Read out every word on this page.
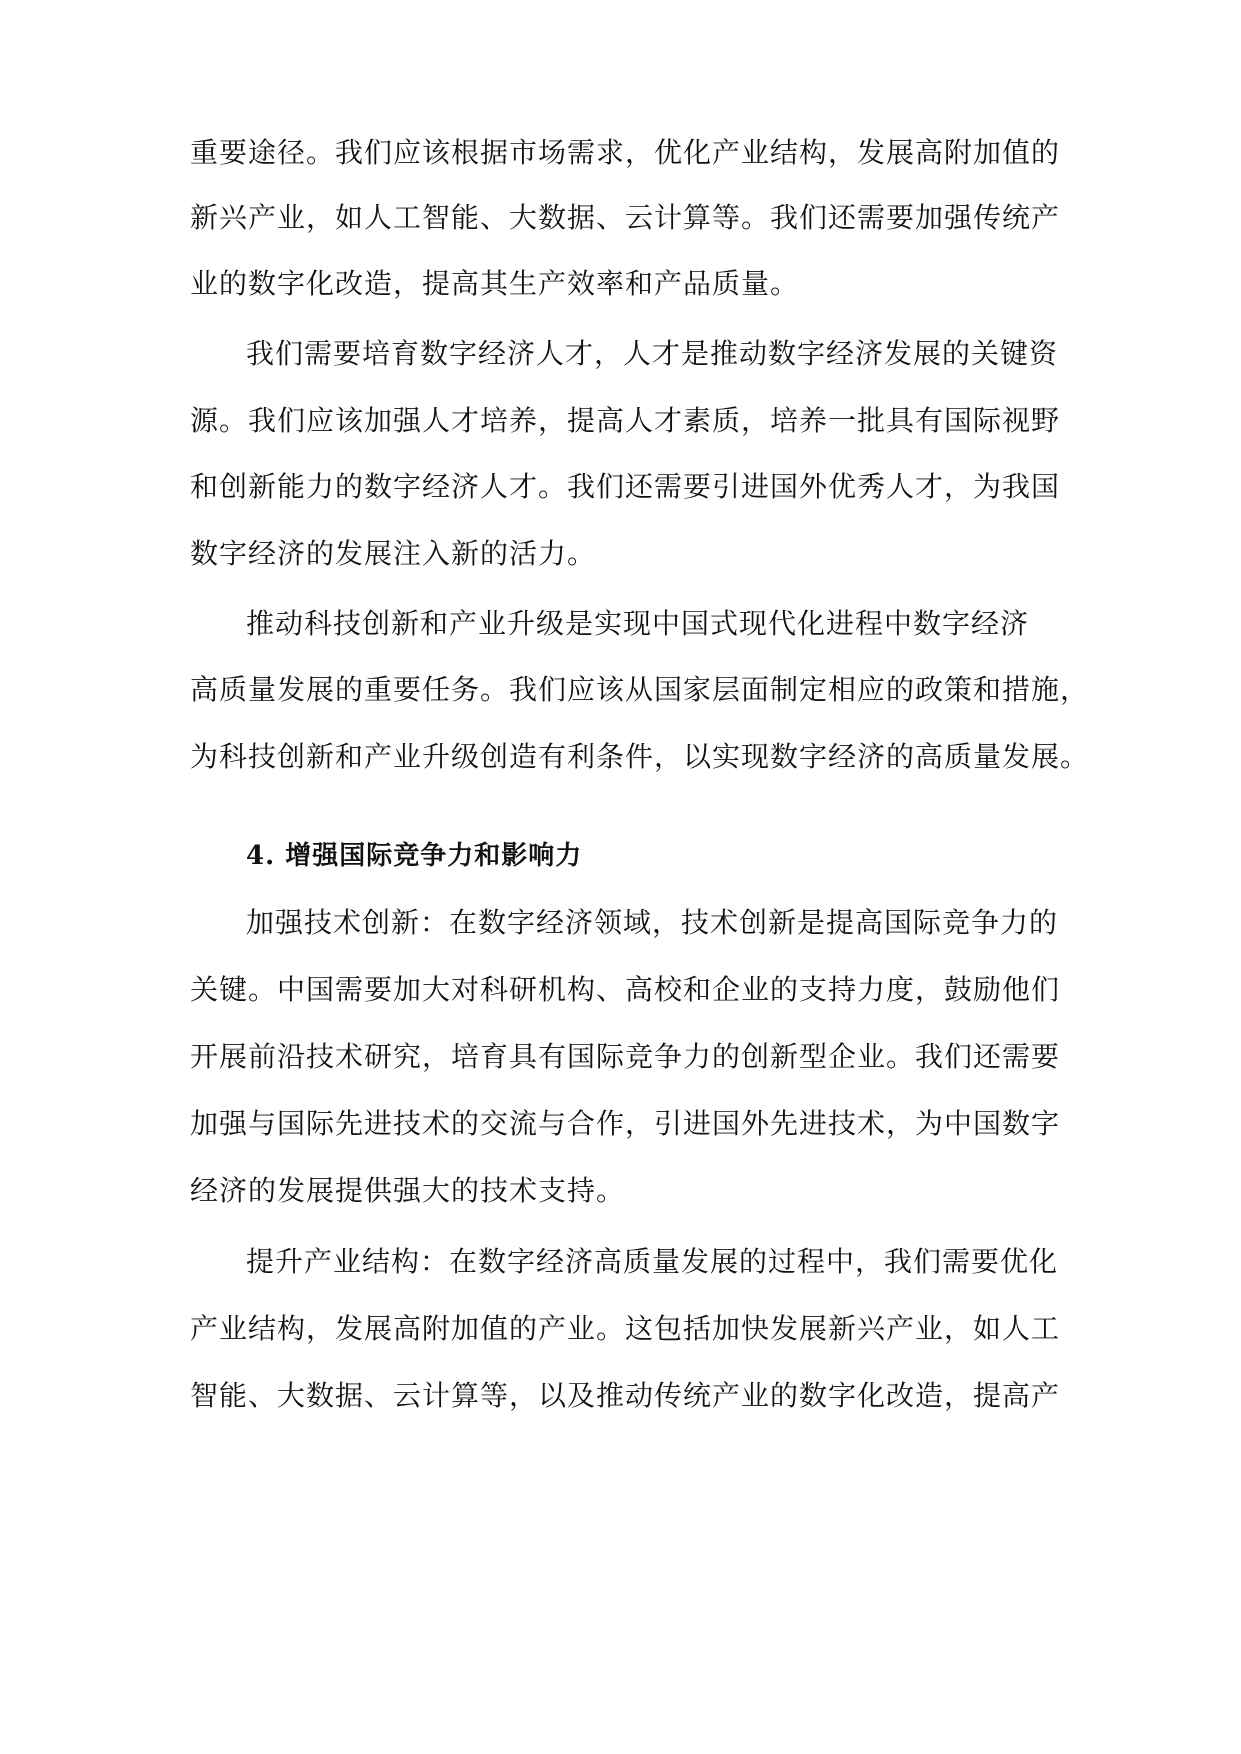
重要途径。我们应该根据市场需求，优化产业结构，发展高附加值的
新兴产业，如人工智能、大数据、云计算等。我们还需要加强传统产
业的数字化改造，提高其生产效率和产品质量。
我们需要培育数字经济人才，人才是推动数字经济发展的关键资
源。我们应该加强人才培养，提高人才素质，培养一批具有国际视野
和创新能力的数字经济人才。我们还需要引进国外优秀人才，为我国
数字经济的发展注入新的活力。
推动科技创新和产业升级是实现中国式现代化进程中数字经济
高质量发展的重要任务。我们应该从国家层面制定相应的政策和措施，
为科技创新和产业升级创造有利条件，以实现数字经济的高质量发展。
4. 增强国际竞争力和影响力
加强技术创新：在数字经济领域，技术创新是提高国际竞争力的
关键。中国需要加大对科研机构、高校和企业的支持力度，鼓励他们
开展前沿技术研究，培育具有国际竞争力的创新型企业。我们还需要
加强与国际先进技术的交流与合作，引进国外先进技术，为中国数字
经济的发展提供强大的技术支持。
提升产业结构：在数字经济高质量发展的过程中，我们需要优化
产业结构，发展高附加值的产业。这包括加快发展新兴产业，如人工
智能、大数据、云计算等，以及推动传统产业的数字化改造，提高产
